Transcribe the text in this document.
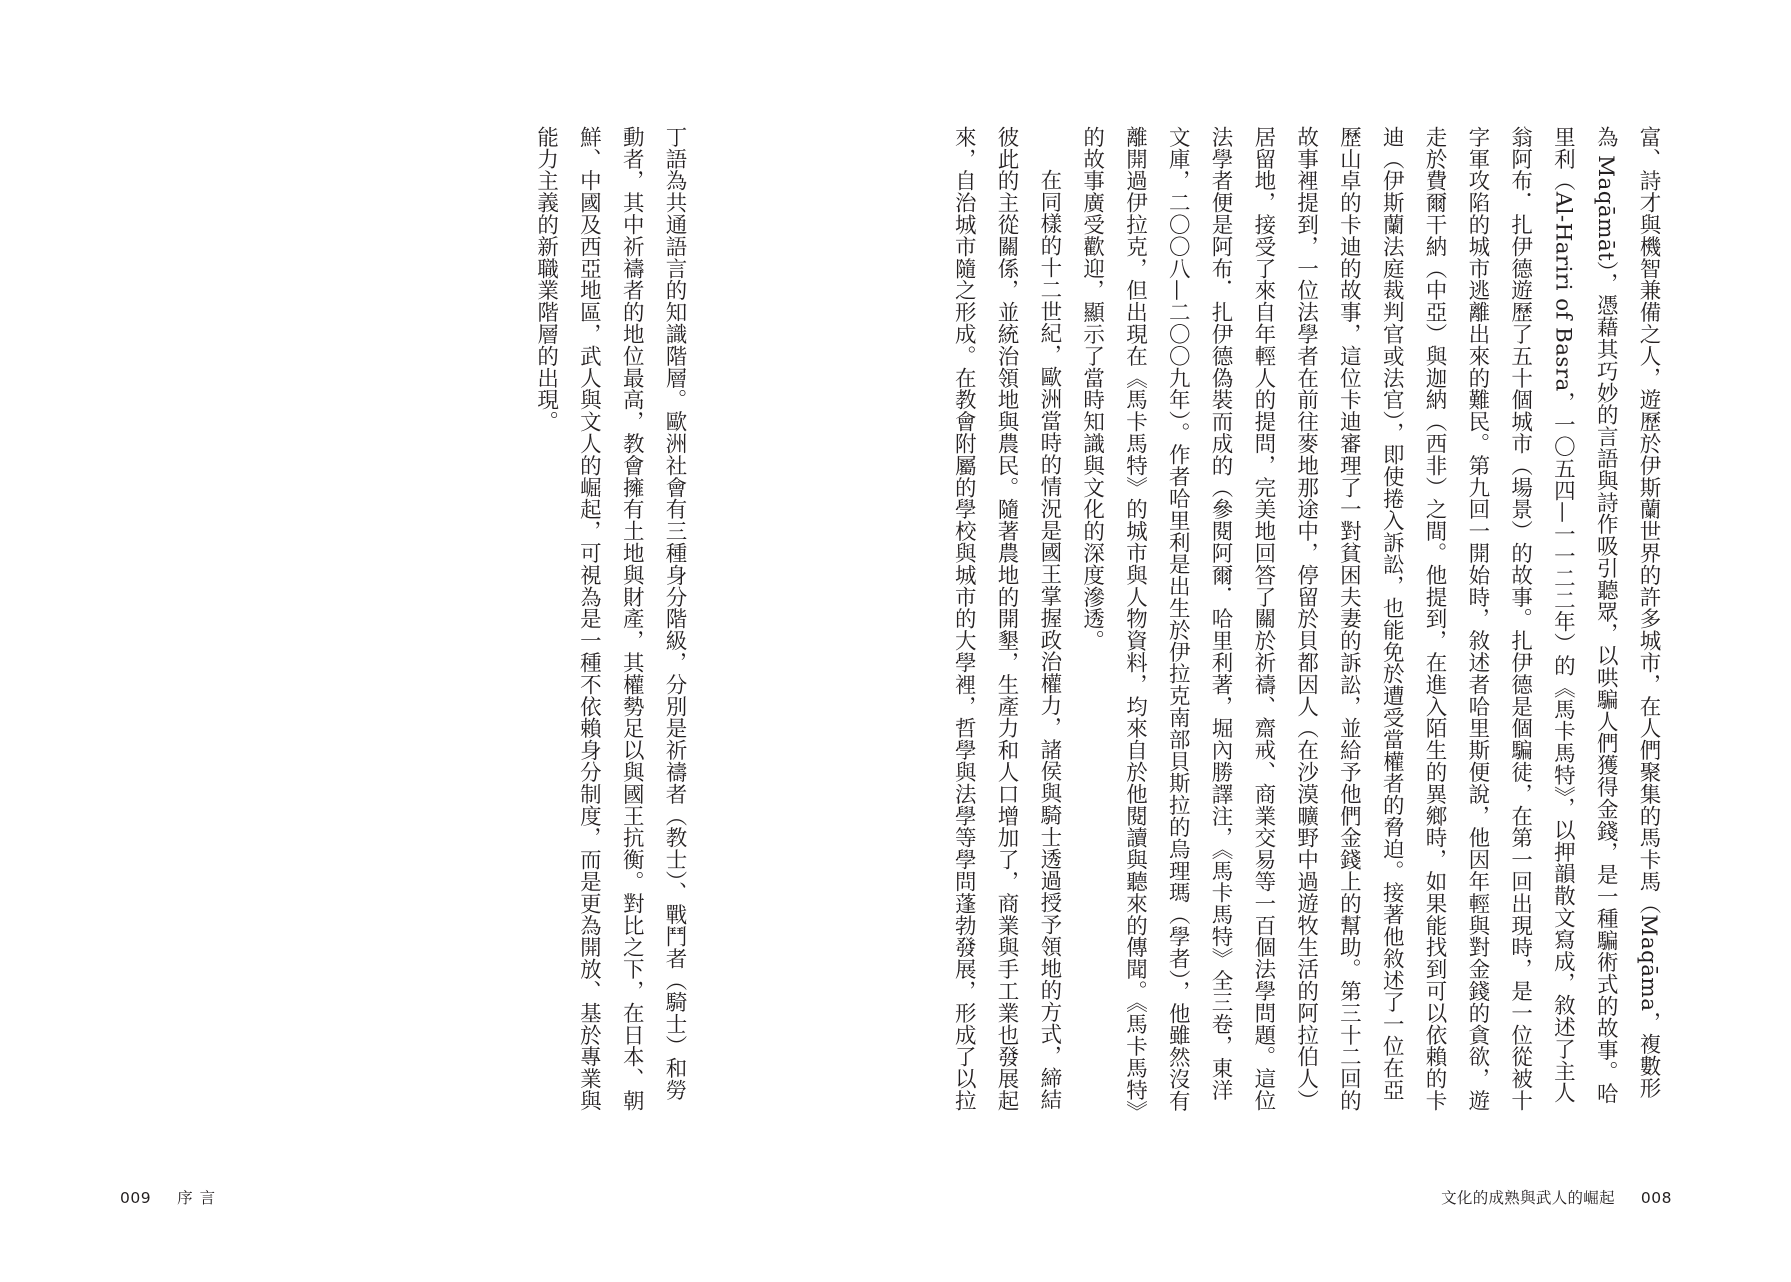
富、詩才與機智兼備之人，遊歷於伊斯蘭世界的許多城市，在人們聚集的馬卡馬（Maqāma，複數形為 Maqāmāt），憑藉其巧妙的言語與詩作吸引聽眾，以哄騙人們獲得金錢，是一種騙術式的故事。哈里利（Al-Hariri of Basra，一〇五四—一一二二年）的《馬卡馬特》，以押韻散文寫成，敘述了主人翁阿布．扎伊德遊歷了五十個城市（場景）的故事。扎伊德是個騙徒，在第一回出現時，是一位從被十字軍攻陷的城市逃離出來的難民。第九回一開始時，敘述者哈里斯便說，他因年輕與對金錢的貪欲，遊走於費爾干納（中亞）與迦納（西非）之間。他提到，在進入陌生的異鄉時，如果能找到可以依賴的卡迪（伊斯蘭法庭裁判官或法官），即使捲入訴訟，也能免於遭受當權者的脅迫。接著他敘述了一位在亞歷山卓的卡迪的故事，這位卡迪審理了一對貧困夫妻的訴訟，並給予他們金錢上的幫助。第三十二回的故事裡提到，一位法學者在前往麥地那途中，停留於貝都因人（在沙漠曠野中過遊牧生活的阿拉伯人）居留地，接受了來自年輕人的提問，完美地回答了關於祈禱、齋戒、商業交易等一百個法學問題。這位法學者便是阿布．扎伊德偽裝而成的（參閱阿爾．哈里利著，堀內勝譯注，《馬卡馬特》全三卷，東洋文庫，二〇〇八—二〇〇九年）。作者哈里利是出生於伊拉克南部貝斯拉的烏理瑪（學者），他雖然沒有離開過伊拉克，但出現在《馬卡馬特》的城市與人物資料，均來自於他閱讀與聽來的傳聞。《馬卡馬特》的故事廣受歡迎，顯示了當時知識與文化的深度滲透。

在同樣的十二世紀，歐洲當時的情況是國王掌握政治權力，諸侯與騎士透過授予領地的方式，締結彼此的主從關係，並統治領地與農民。隨著農地的開墾，生產力和人口增加了，商業與手工業也發展起來，自治城市隨之形成。在教會附屬的學校與城市的大學裡，哲學與法學等學問蓬勃發展，形成了以拉

丁語為共通語言的知識階層。歐洲社會有三種身分階級，分別是祈禱者（教士）、戰鬥者（騎士）和勞動者，其中祈禱者的地位最高，教會擁有土地與財產，其權勢足以與國王抗衡。對比之下，在日本、朝鮮、中國及西亞地區，武人與文人的崛起，可視為是一種不依賴身分制度，而是更為開放、基於專業與能力主義的新職業階層的出現。

009 序言	文化的成熟與武人的崛起 008
